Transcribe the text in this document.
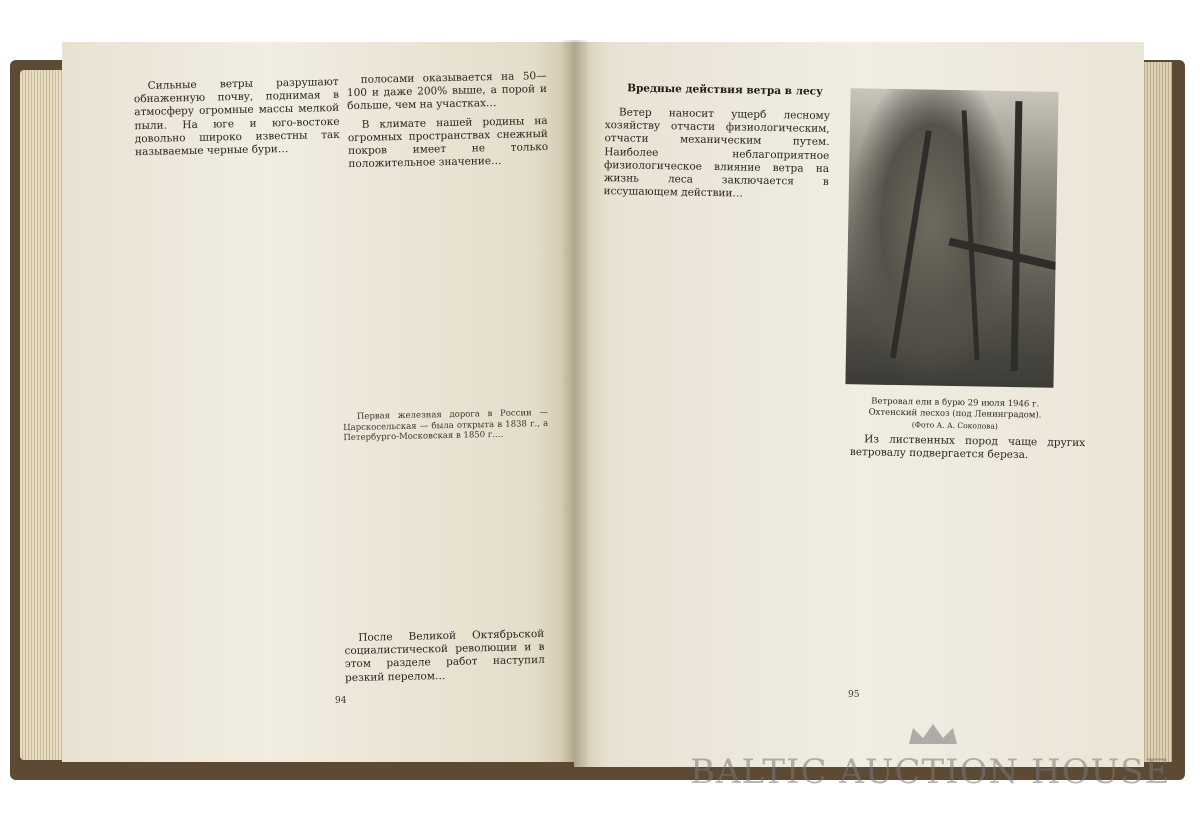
Сильные ветры разрушают обнаженную почву, поднимая в атмосферу огромные массы мелкой пыли. На юге и юго-востоке довольно широко известны так называемые черные бури…

полосами оказывается на 50—100 и даже 200% выше, а порой и больше, чем на участках…

В климате нашей родины на огромных пространствах снежный покров имеет не только положительное значение…

Первая железная дорога в России — Царскосельская — была открыта в 1838 г., а Петербурго-Московская в 1850 г.…

После Великой Октябрьской социалистической революции и в этом разделе работ наступил резкий перелом…

94
Вредные действия ветра в лесу

Ветер наносит ущерб лесному хозяйству отчасти физиологическим, отчасти механическим путем. Наиболее неблагоприятное физиологическое влияние ветра на жизнь леса заключается в иссушающем действии…

Ветровал ели в бурю 29 июля 1946 г. Охтенский лесхоз (под Ленинградом).
(Фото А. А. Соколова)

Из лиственных пород чаще других ветровалу подвергается береза.

95
BALTIC AUCTION HOUSE
